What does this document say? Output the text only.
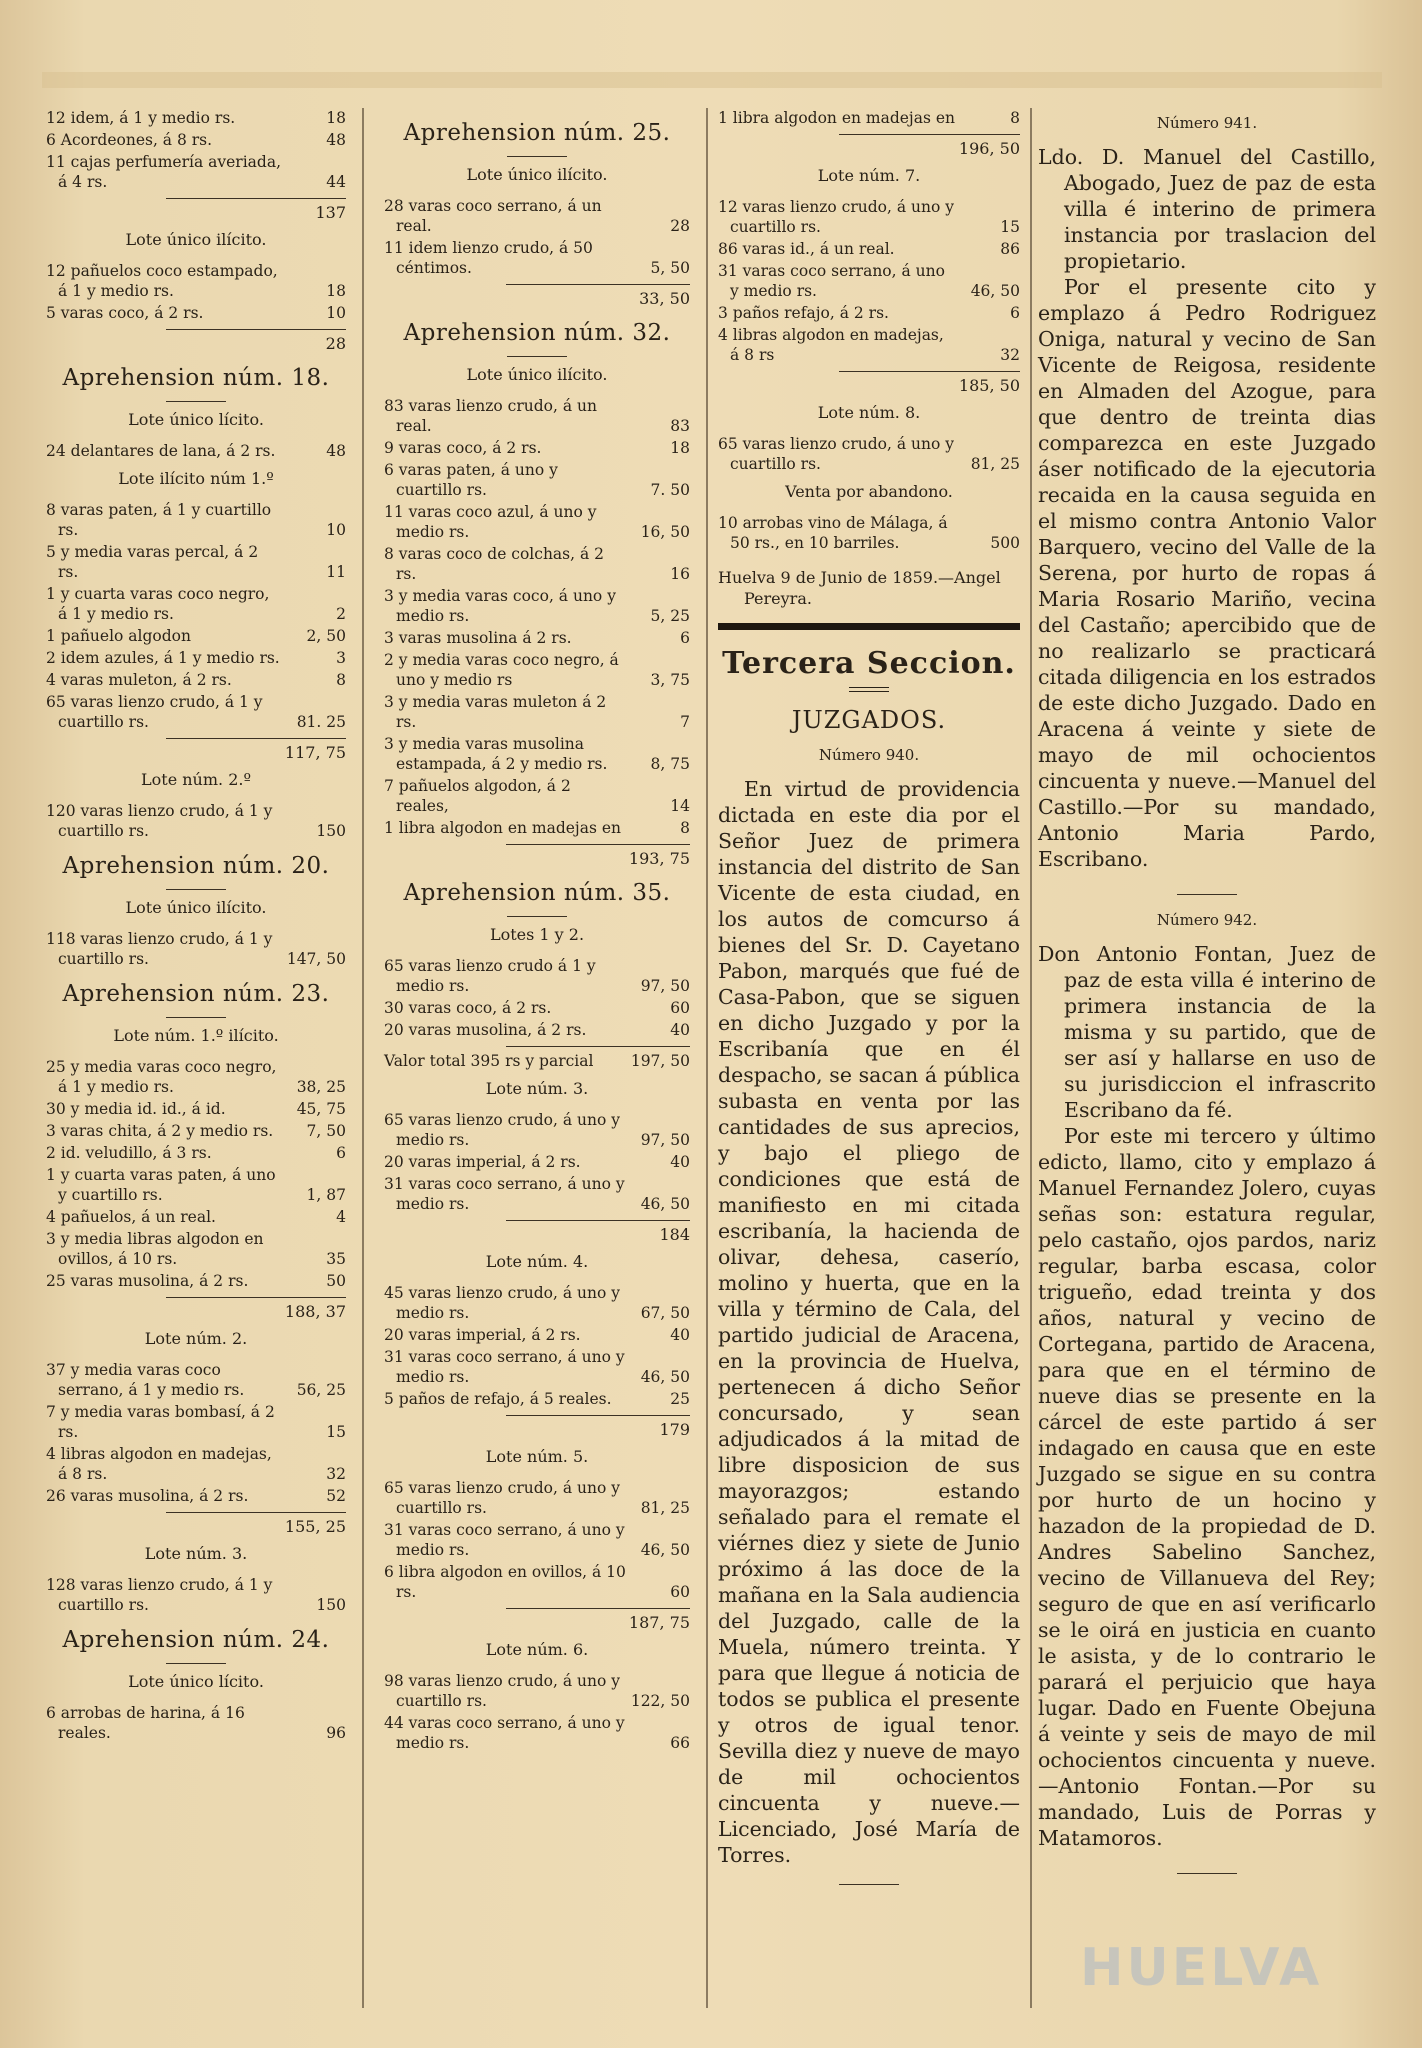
12 idem, á 1 y medio rs.	18
6 Acordeones, á 8 rs.	48
11 cajas perfumería averiada, á 4 rs.	44
137
Lote único ilícito.
12 pañuelos coco estampado, á 1 y medio rs.	18
5 varas coco, á 2 rs.	10
28
Aprehension núm. 18.
Lote único lícito.
24 delantares de lana, á 2 rs.	48
Lote ilícito núm 1.º
8 varas paten, á 1 y cuartillo rs.	10
5 y media varas percal, á 2 rs.	11
1 y cuarta varas coco negro, á 1 y medio rs.	2
1 pañuelo algodon	2, 50
2 idem azules, á 1 y medio rs.	3
4 varas muleton, á 2 rs.	8
65 varas lienzo crudo, á 1 y cuartillo rs.	81. 25
117, 75
Lote núm. 2.º
120 varas lienzo crudo, á 1 y cuartillo rs.	150
Aprehension núm. 20.
Lote único ilícito.
118 varas lienzo crudo, á 1 y cuartillo rs.	147, 50
Aprehension núm. 23.
Lote núm. 1.º ilícito.
25 y media varas coco negro, á 1 y medio rs.	38, 25
30 y media id. id., á id.	45, 75
3 varas chita, á 2 y medio rs.	7, 50
2 id. veludillo, á 3 rs.	6
1 y cuarta varas paten, á uno y cuartillo rs.	1, 87
4 pañuelos, á un real.	4
3 y media libras algodon en ovillos, á 10 rs.	35
25 varas musolina, á 2 rs.	50
188, 37
Lote núm. 2.
37 y media varas coco serrano, á 1 y medio rs.	56, 25
7 y media varas bombasí, á 2 rs.	15
4 libras algodon en madejas, á 8 rs.	32
26 varas musolina, á 2 rs.	52
155, 25
Lote núm. 3.
128 varas lienzo crudo, á 1 y cuartillo rs.	150
Aprehension núm. 24.
Lote único lícito.
6 arrobas de harina, á 16 reales.	96
Aprehension núm. 25.
Lote único ilícito.
28 varas coco serrano, á un real.	28
11 idem lienzo crudo, á 50 céntimos.	5, 50
33, 50
Aprehension núm. 32.
Lote único ilícito.
83 varas lienzo crudo, á un real.	83
9 varas coco, á 2 rs.	18
6 varas paten, á uno y cuartillo rs.	7. 50
11 varas coco azul, á uno y medio rs.	16, 50
8 varas coco de colchas, á 2 rs.	16
3 y media varas coco, á uno y medio rs.	5, 25
3 varas musolina á 2 rs.	6
2 y media varas coco negro, á uno y medio rs	3, 75
3 y media varas muleton á 2 rs.	7
3 y media varas musolina estampada, á 2 y medio rs.	8, 75
7 pañuelos algodon, á 2 reales,	14
1 libra algodon en madejas en	8
193, 75
Aprehension núm. 35.
Lotes 1 y 2.
65 varas lienzo crudo á 1 y medio rs.	97, 50
30 varas coco, á 2 rs.	60
20 varas musolina, á 2 rs.	40
Valor total 395 rs y parcial	197, 50
Lote núm. 3.
65 varas lienzo crudo, á uno y medio rs.	97, 50
20 varas imperial, á 2 rs.	40
31 varas coco serrano, á uno y medio rs.	46, 50
184
Lote núm. 4.
45 varas lienzo crudo, á uno y medio rs.	67, 50
20 varas imperial, á 2 rs.	40
31 varas coco serrano, á uno y medio rs.	46, 50
5 paños de refajo, á 5 reales.	25
179
Lote núm. 5.
65 varas lienzo crudo, á uno y cuartillo rs.	81, 25
31 varas coco serrano, á uno y medio rs.	46, 50
6 libra algodon en ovillos, á 10 rs.	60
187, 75
Lote núm. 6.
98 varas lienzo crudo, á uno y cuartillo rs.	122, 50
44 varas coco serrano, á uno y medio rs.	66
1 libra algodon en madejas en	8
196, 50
Lote núm. 7.
12 varas lienzo crudo, á uno y cuartillo rs.	15
86 varas id., á un real.	86
31 varas coco serrano, á uno y medio rs.	46, 50
3 paños refajo, á 2 rs.	6
4 libras algodon en madejas, á 8 rs	32
185, 50
Lote núm. 8.
65 varas lienzo crudo, á uno y cuartillo rs.	81, 25
Venta por abandono.
10 arrobas vino de Málaga, á 50 rs., en 10 barriles.	500

Huelva 9 de Junio de 1859.—Angel Pereyra.

Tercera Seccion.
JUZGADOS.
Número 940.

En virtud de providencia dictada en este dia por el Señor Juez de primera instancia del distrito de San Vicente de esta ciudad, en los autos de comcurso á bienes del Sr. D. Cayetano Pabon, marqués que fué de Casa-Pabon, que se siguen en dicho Juzgado y por la Escribanía que en él despacho, se sacan á pública subasta en venta por las cantidades de sus aprecios, y bajo el pliego de condiciones que está de manifiesto en mi citada escribanía, la hacienda de olivar, dehesa, caserío, molino y huerta, que en la villa y término de Cala, del partido judicial de Aracena, en la provincia de Huelva, pertenecen á dicho Señor concursado, y sean adjudicados á la mitad de libre disposicion de sus mayorazgos; estando señalado para el remate el viérnes diez y siete de Junio próximo á las doce de la mañana en la Sala audiencia del Juzgado, calle de la Muela, número treinta. Y para que llegue á noticia de todos se publica el presente y otros de igual tenor. Sevilla diez y nueve de mayo de mil ochocientos cincuenta y nueve.—Licenciado, José María de Torres.

Número 941.

Ldo. D. Manuel del Castillo, Abogado, Juez de paz de esta villa é interino de primera instancia por traslacion del propietario.

Por el presente cito y emplazo á Pedro Rodriguez Oniga, natural y vecino de San Vicente de Reigosa, residente en Almaden del Azogue, para que dentro de treinta dias comparezca en este Juzgado áser notificado de la ejecutoria recaida en la causa seguida en el mismo contra Antonio Valor Barquero, vecino del Valle de la Serena, por hurto de ropas á Maria Rosario Mariño, vecina del Castaño; apercibido que de no realizarlo se practicará citada diligencia en los estrados de este dicho Juzgado. Dado en Aracena á veinte y siete de mayo de mil ochocientos cincuenta y nueve.—Manuel del Castillo.—Por su mandado, Antonio Maria Pardo, Escribano.

Número 942.

Don Antonio Fontan, Juez de paz de esta villa é interino de primera instancia de la misma y su partido, que de ser así y hallarse en uso de su jurisdiccion el infrascrito Escribano da fé.

Por este mi tercero y último edicto, llamo, cito y emplazo á Manuel Fernandez Jolero, cuyas señas son: estatura regular, pelo castaño, ojos pardos, nariz regular, barba escasa, color trigueño, edad treinta y dos años, natural y vecino de Cortegana, partido de Aracena, para que en el término de nueve dias se presente en la cárcel de este partido á ser indagado en causa que en este Juzgado se sigue en su contra por hurto de un hocino y hazadon de la propiedad de D. Andres Sabelino Sanchez, vecino de Villanueva del Rey; seguro de que en así verificarlo se le oirá en justicia en cuanto le asista, y de lo contrario le parará el perjuicio que haya lugar. Dado en Fuente Obejuna á veinte y seis de mayo de mil ochocientos cincuenta y nueve.—Antonio Fontan.—Por su mandado, Luis de Porras y Matamoros.

HUELVA
